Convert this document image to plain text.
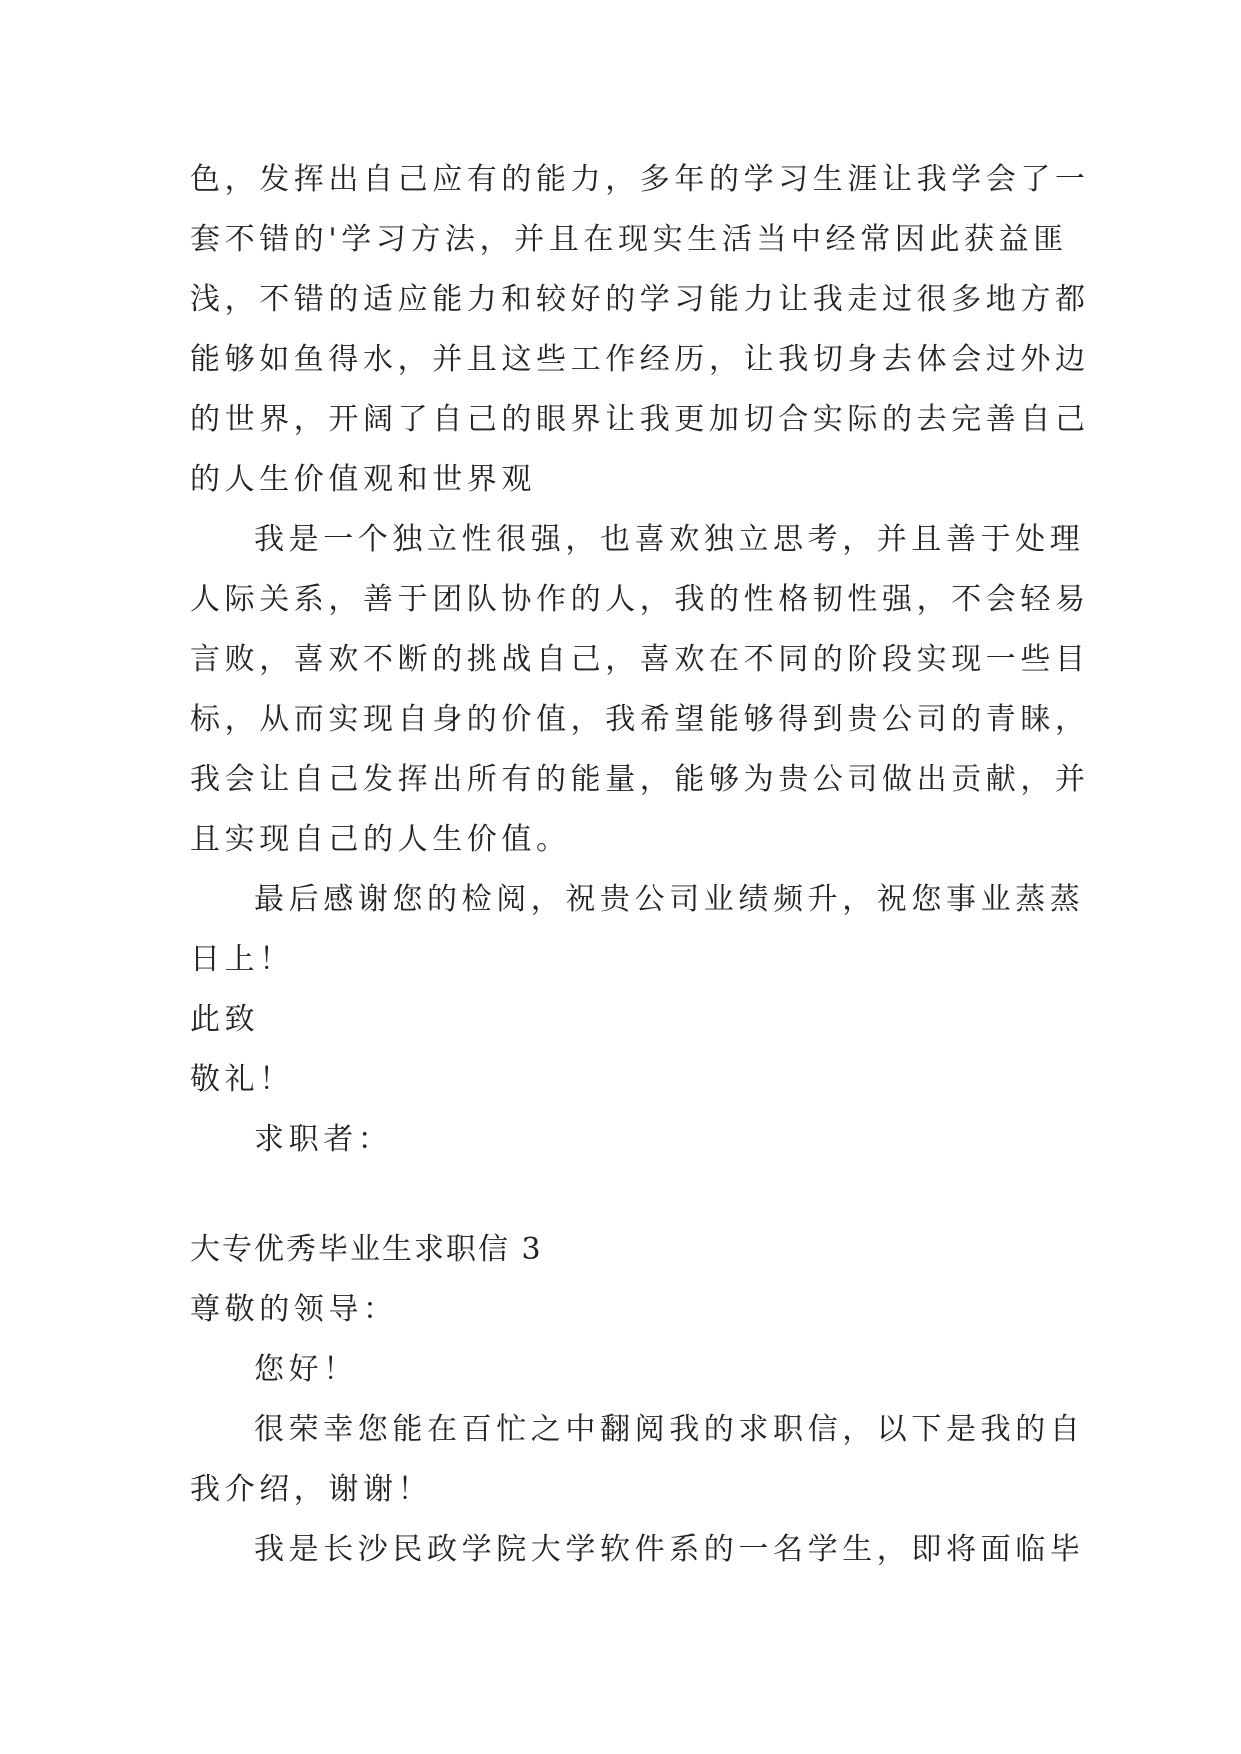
色，发挥出自己应有的能力，多年的学习生涯让我学会了一
套不错的'学习方法，并且在现实生活当中经常因此获益匪
浅，不错的适应能力和较好的学习能力让我走过很多地方都
能够如鱼得水，并且这些工作经历，让我切身去体会过外边
的世界，开阔了自己的眼界让我更加切合实际的去完善自己
的人生价值观和世界观
我是一个独立性很强，也喜欢独立思考，并且善于处理
人际关系，善于团队协作的人，我的性格韧性强，不会轻易
言败，喜欢不断的挑战自己，喜欢在不同的阶段实现一些目
标，从而实现自身的价值，我希望能够得到贵公司的青睐，
我会让自己发挥出所有的能量，能够为贵公司做出贡献，并
且实现自己的人生价值。
最后感谢您的检阅，祝贵公司业绩频升，祝您事业蒸蒸
日上！
此致
敬礼！
求职者：
大专优秀毕业生求职信 3
尊敬的领导：
您好！
很荣幸您能在百忙之中翻阅我的求职信，以下是我的自
我介绍，谢谢！
我是长沙民政学院大学软件系的一名学生，即将面临毕
